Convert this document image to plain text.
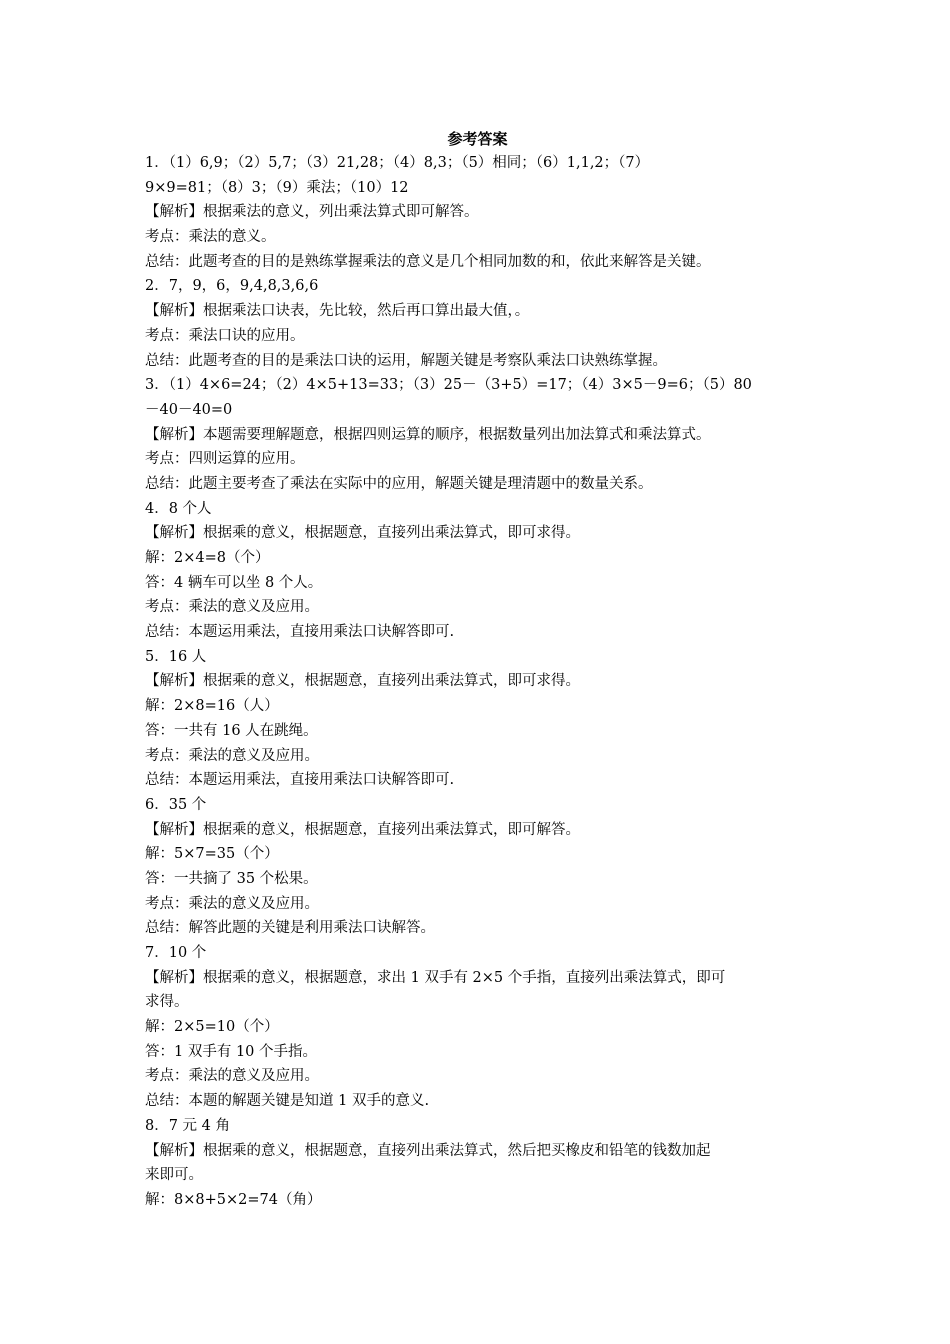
参考答案
1．（1）6,9；（2）5,7；（3）21,28；（4）8,3；（5）相同；（6）1,1,2；（7）
9×9=81；（8）3；（9）乘法；（10）12
【解析】根据乘法的意义，列出乘法算式即可解答。
考点：乘法的意义。
总结：此题考查的目的是熟练掌握乘法的意义是几个相同加数的和，依此来解答是关键。
2．7，9，6，9,4,8,3,6,6
【解析】根据乘法口诀表，先比较，然后再口算出最大值，。
考点：乘法口诀的应用。
总结：此题考查的目的是乘法口诀的运用，解题关键是考察队乘法口诀熟练掌握。
3．（1）4×6=24；（2）4×5+13=33；（3）25－（3+5）=17；（4）3×5－9=6；（5）80
－40－40=0
【解析】本题需要理解题意，根据四则运算的顺序，根据数量列出加法算式和乘法算式。
考点：四则运算的应用。
总结：此题主要考查了乘法在实际中的应用，解题关键是理清题中的数量关系。
4．8 个人
【解析】根据乘的意义，根据题意，直接列出乘法算式，即可求得。
解：2×4=8（个）
答：4 辆车可以坐 8 个人。
考点：乘法的意义及应用。
总结：本题运用乘法，直接用乘法口诀解答即可.
5．16 人
【解析】根据乘的意义，根据题意，直接列出乘法算式，即可求得。
解：2×8=16（人）
答：一共有 16 人在跳绳。
考点：乘法的意义及应用。
总结：本题运用乘法，直接用乘法口诀解答即可.
6．35 个
【解析】根据乘的意义，根据题意，直接列出乘法算式，即可解答。
解：5×7=35（个）
答：一共摘了 35 个松果。
考点：乘法的意义及应用。
总结：解答此题的关键是利用乘法口诀解答。
7．10 个
【解析】根据乘的意义，根据题意，求出 1 双手有 2×5 个手指，直接列出乘法算式，即可
求得。
解：2×5=10（个）
答：1 双手有 10 个手指。
考点：乘法的意义及应用。
总结：本题的解题关键是知道 1 双手的意义.
8．7 元 4 角
【解析】根据乘的意义，根据题意，直接列出乘法算式，然后把买橡皮和铅笔的钱数加起
来即可。
解：8×8+5×2=74（角）
